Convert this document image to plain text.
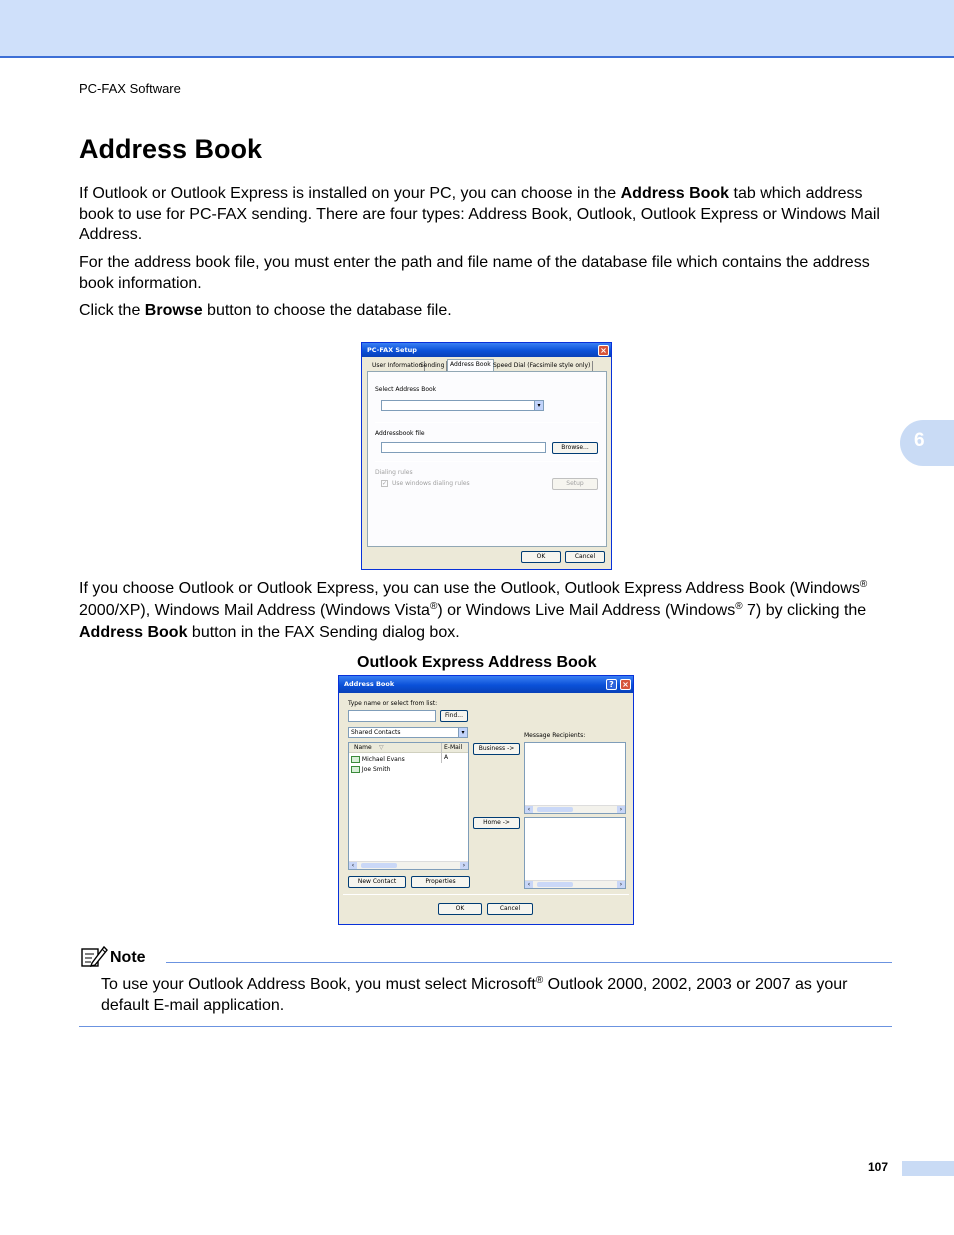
PC-FAX Software
6
Address Book
If Outlook or Outlook Express is installed on your PC, you can choose in the Address Book tab which address book to use for PC-FAX sending. There are four types: Address Book, Outlook, Outlook Express or Windows Mail Address.
For the address book file, you must enter the path and file name of the database file which contains the address book information.
Click the Browse button to choose the database file.
PC-FAX Setup	×
User Information
Sending Address Book Speed Dial (Facsimile style only)
Select Address Book
▾
Addressbook file
Browse...
Dialing rules
✓ Use windows dialing rules	Setup
OK	Cancel
If you choose Outlook or Outlook Express, you can use the Outlook, Outlook Express Address Book (Windows® 2000/XP), Windows Mail Address (Windows Vista®) or Windows Live Mail Address (Windows® 7) by clicking the Address Book button in the FAX Sending dialog box.
Outlook Express Address Book
Address Book	?	×
Type name or select from list:
Find...
Shared Contacts	▾
Name ▽	E-Mail A
Michael Evans
Joe Smith
‹	›
Business ->
Home ->
Message Recipients:
‹	›
‹	›
New Contact	Properties
OK	Cancel
Note
To use your Outlook Address Book, you must select Microsoft® Outlook 2000, 2002, 2003 or 2007 as your default E-mail application.
107
